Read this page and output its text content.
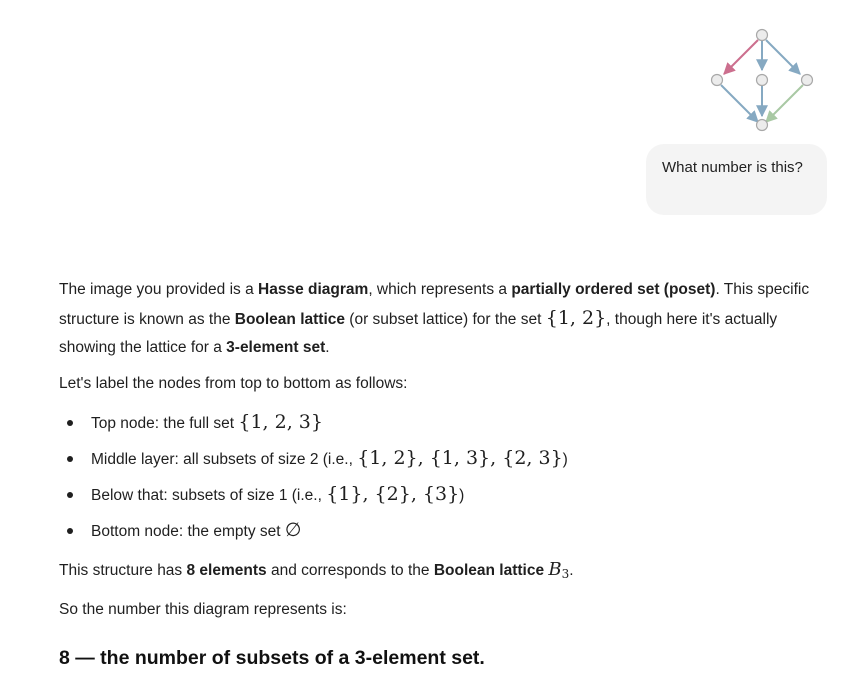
What number is this?

The image you provided is a Hasse diagram, which represents a partially ordered set (poset). This specific structure is known as the Boolean lattice (or subset lattice) for the set {1, 2}, though here it's actually showing the lattice for a 3-element set.

Let's label the nodes from top to bottom as follows:

Top node: the full set {1, 2, 3}
Middle layer: all subsets of size 2 (i.e., {1, 2}, {1, 3}, {2, 3})
Below that: subsets of size 1 (i.e., {1}, {2}, {3})
Bottom node: the empty set ∅

This structure has 8 elements and corresponds to the Boolean lattice $B_3$.

So the number this diagram represents is:

8 — the number of subsets of a 3-element set.
